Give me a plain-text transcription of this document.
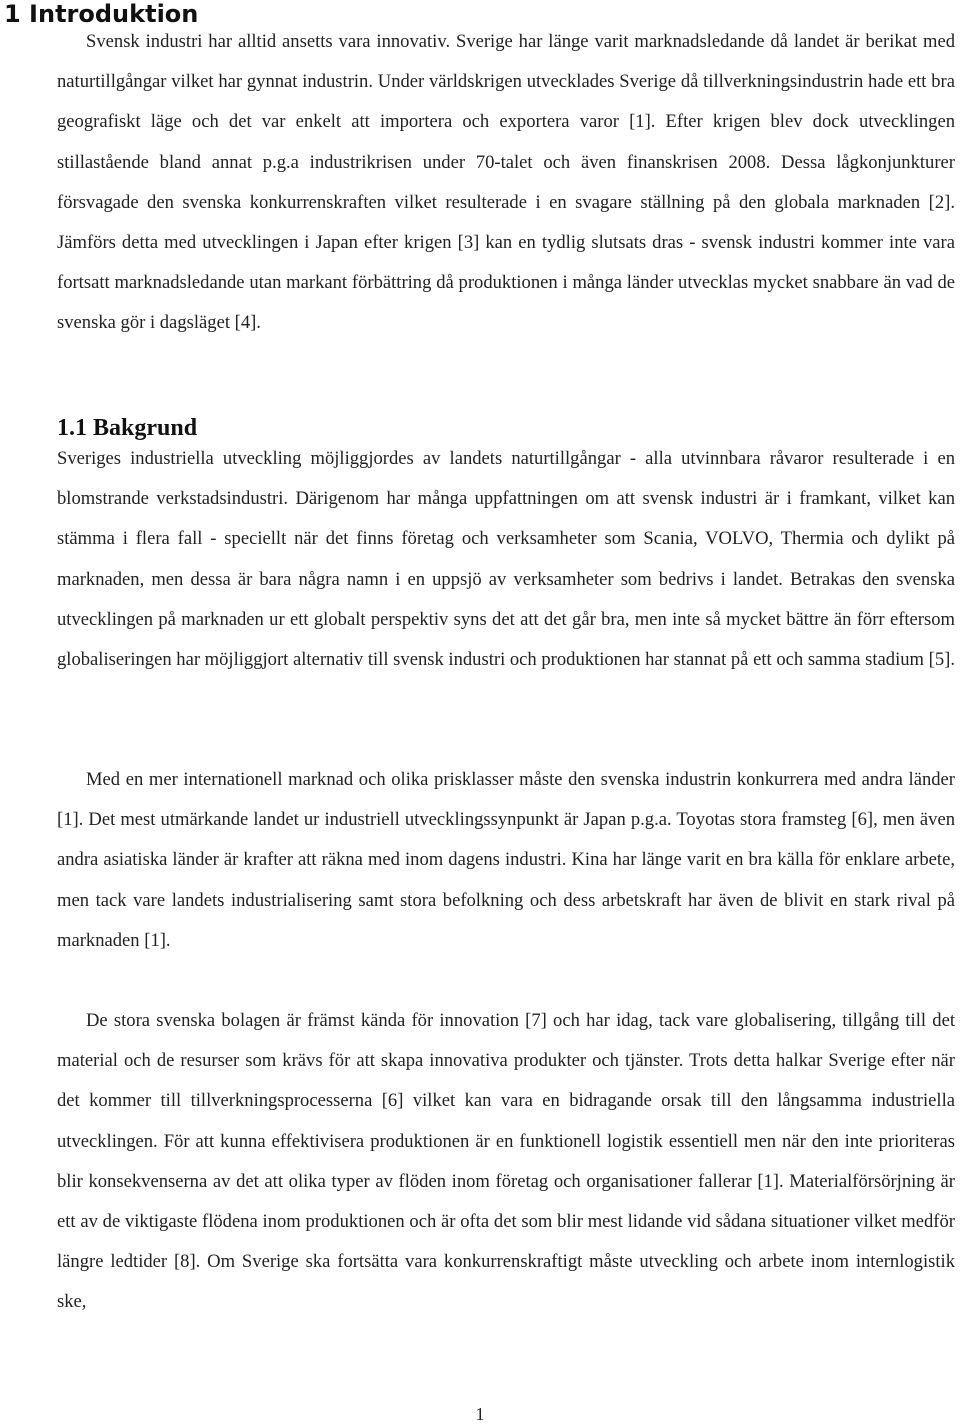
1 Introduktion

Svensk industri har alltid ansetts vara innovativ. Sverige har länge varit marknadsledande då landet är berikat med naturtillgångar vilket har gynnat industrin. Under världskrigen utvecklades Sverige då tillverkningsindustrin hade ett bra geografiskt läge och det var enkelt att importera och exportera varor [1]. Efter krigen blev dock utvecklingen stillastående bland annat p.g.a industrikrisen under 70-talet och även finanskrisen 2008. Dessa lågkonjunkturer försvagade den svenska konkurrenskraften vilket resulterade i en svagare ställning på den globala marknaden [2]. Jämförs detta med utvecklingen i Japan efter krigen [3] kan en tydlig slutsats dras - svensk industri kommer inte vara fortsatt marknadsledande utan markant förbättring då produktionen i många länder utvecklas mycket snabbare än vad de svenska gör i dagsläget [4].

1.1 Bakgrund

Sveriges industriella utveckling möjliggjordes av landets naturtillgångar - alla utvinnbara råvaror resulterade i en blomstrande verkstadsindustri. Därigenom har många uppfattningen om att svensk industri är i framkant, vilket kan stämma i flera fall - speciellt när det finns företag och verksamheter som Scania, VOLVO, Thermia och dylikt på marknaden, men dessa är bara några namn i en uppsjö av verksamheter som bedrivs i landet. Betrakas den svenska utvecklingen på marknaden ur ett globalt perspektiv syns det att det går bra, men inte så mycket bättre än förr eftersom globaliseringen har möjliggjort alternativ till svensk industri och produktionen har stannat på ett och samma stadium [5].

Med en mer internationell marknad och olika prisklasser måste den svenska industrin konkurrera med andra länder [1]. Det mest utmärkande landet ur industriell utvecklingssynpunkt är Japan p.g.a. Toyotas stora framsteg [6], men även andra asiatiska länder är krafter att räkna med inom dagens industri. Kina har länge varit en bra källa för enklare arbete, men tack vare landets industrialisering samt stora befolkning och dess arbetskraft har även de blivit en stark rival på marknaden [1].

De stora svenska bolagen är främst kända för innovation [7] och har idag, tack vare globalisering, tillgång till det material och de resurser som krävs för att skapa innovativa produkter och tjänster. Trots detta halkar Sverige efter när det kommer till tillverkningsprocesserna [6] vilket kan vara en bidragande orsak till den långsamma industriella utvecklingen. För att kunna effektivisera produktionen är en funktionell logistik essentiell men när den inte prioriteras blir konsekvenserna av det att olika typer av flöden inom företag och organisationer fallerar [1]. Materialförsörjning är ett av de viktigaste flödena inom produktionen och är ofta det som blir mest lidande vid sådana situationer vilket medför längre ledtider [8]. Om Sverige ska fortsätta vara konkurrenskraftigt måste utveckling och arbete inom internlogistik ske,

1
